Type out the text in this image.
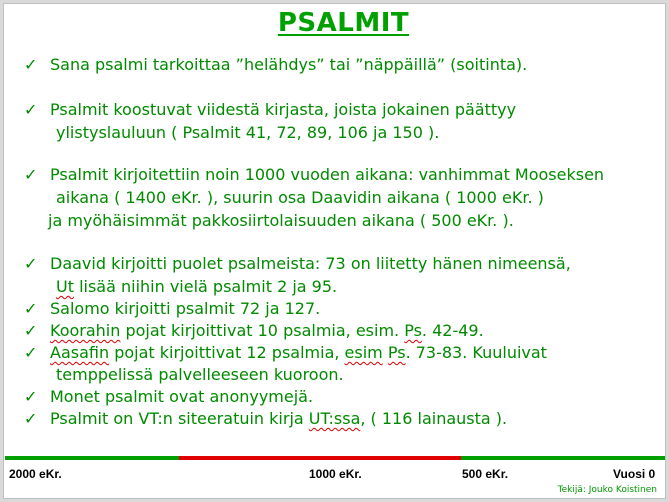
PSALMIT
✓ Sana psalmi tarkoittaa ”helähdys” tai ”näppäillä” (soitinta).
✓ Psalmit koostuvat viidestä kirjasta, joista jokainen päättyy
ylistyslauluun ( Psalmit 41, 72, 89, 106 ja 150 ).
✓ Psalmit kirjoitettiin noin 1000 vuoden aikana: vanhimmat Mooseksen
aikana ( 1400 eKr. ), suurin osa Daavidin aikana ( 1000 eKr. )
ja myöhäisimmät pakkosiirtolaisuuden aikana ( 500 eKr. ).
✓ Daavid kirjoitti puolet psalmeista: 73 on liitetty hänen nimeensä,
Ut lisää niihin vielä psalmit 2 ja 95.
✓ Salomo kirjoitti psalmit 72 ja 127.
✓ Koorahin pojat kirjoittivat 10 psalmia, esim. Ps. 42-49.
✓ Aasafin pojat kirjoittivat 12 psalmia, esim Ps. 73-83. Kuuluivat
temppelissä palvelleeseen kuoroon.
✓ Monet psalmit ovat anonyymejä.
✓ Psalmit on VT:n siteeratuin kirja UT:ssa, ( 116 lainausta ).
2000 eKr.	1000 eKr.	500 eKr.	Vuosi 0
Tekijä: Jouko Koistinen
